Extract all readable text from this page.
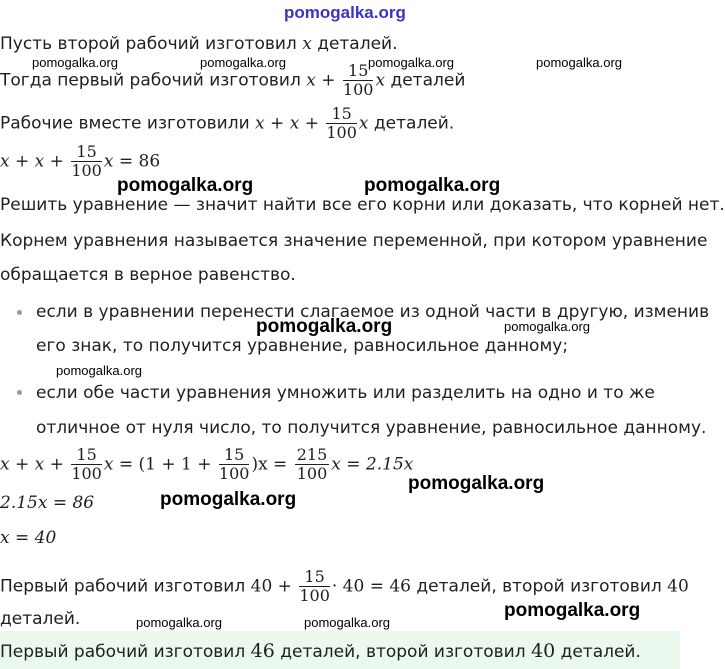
pomogalka.org
Пусть второй рабочий изготовил x деталей.
pomogalka.org	pomogalka.org	pomogalka.org	pomogalka.org
Тогда первый рабочий изготовил $x + \frac{15}{100}$ x деталей
Рабочие вместе изготовили $x + x + \frac{15}{100}$ x деталей.
$x + x + \frac{15}{100}$ x = 86
pomogalka.org	pomogalka.org
Решить уравнение — значит найти все его корни или доказать, что корней нет.
Корнем уравнения называется значение переменной, при котором уравнение
обращается в верное равенство.
если в уравнении перенести слагаемое из одной части в другую, изменив
pomogalka.org	pomogalka.org
его знак, то получится уравнение, равносильное данному;
pomogalka.org
если обе части уравнения умножить или разделить на одно и то же
отличное от нуля число, то получится уравнение, равносильное данному.
$x + x + \frac{15}{100}$ $x = (1 + 1 + \frac{15}{100} )x = \frac{215}{100}$ x = 2.15x
pomogalka.org
2.15x = 86	pomogalka.org
x = 40
Первый рабочий изготовил $40 + \frac{15}{100} \cdot 40 = 46$ деталей, второй изготовил 40
деталей.	pomogalka.org	pomogalka.org
pomogalka.org
Первый рабочий изготовил 46 деталей, второй изготовил 40 деталей.
